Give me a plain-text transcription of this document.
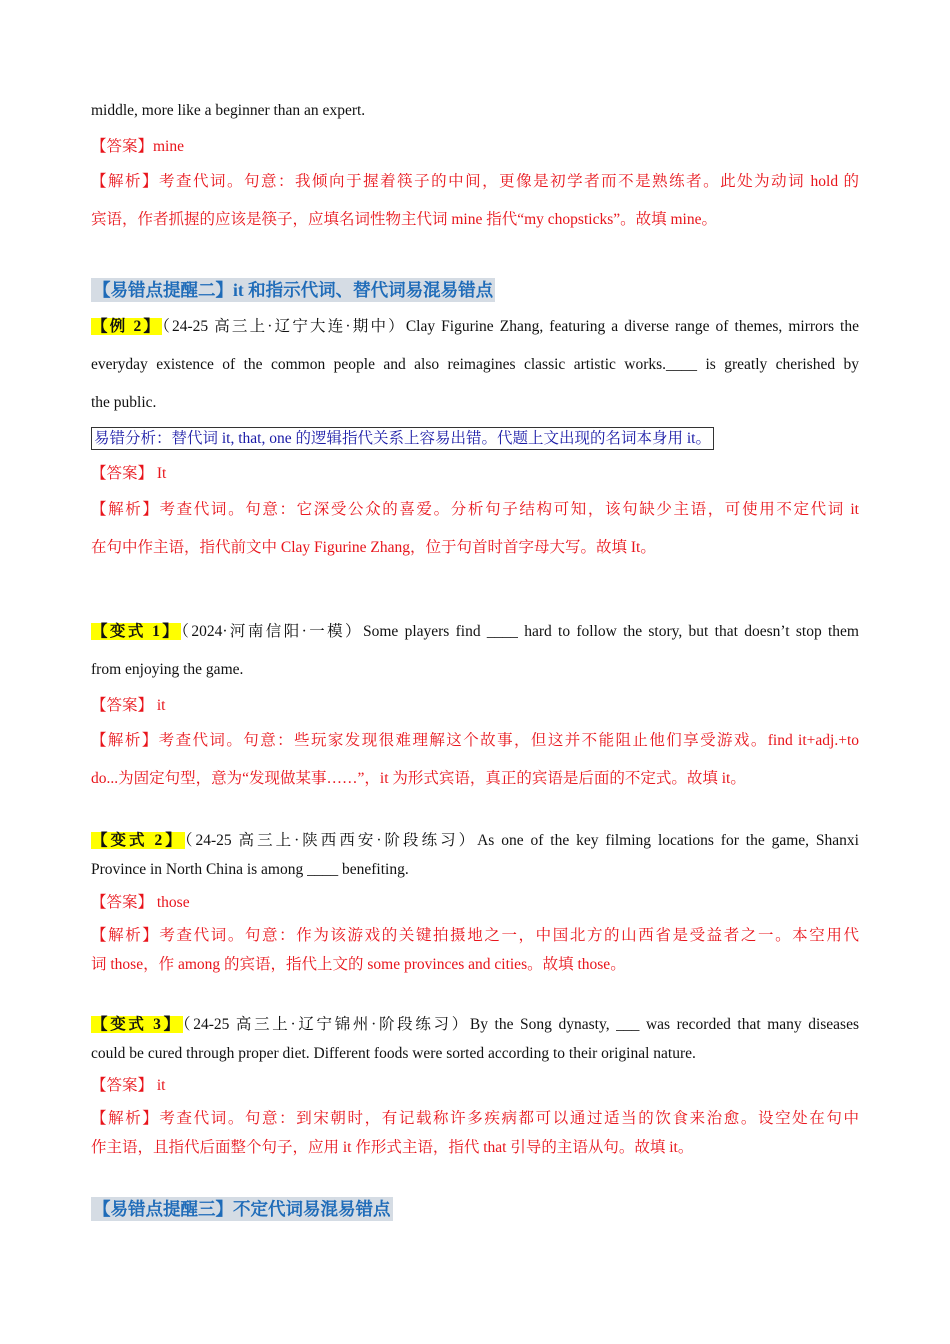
middle, more like a beginner than an expert.
【答案】mine
【解析】考查代词。句意：我倾向于握着筷子的中间，更像是初学者而不是熟练者。此处为动词 hold 的
宾语，作者抓握的应该是筷子，应填名词性物主代词 mine 指代“my chopsticks”。故填 mine。
【易错点提醒二】it 和指示代词、替代词易混易错点
【例 2】（24-25 高三上·辽宁大连·期中）Clay Figurine Zhang, featuring a diverse range of themes, mirrors the
everyday existence of the common people and also reimagines classic artistic works.____ is greatly cherished by
the public.
易错分析：替代词 it, that, one 的逻辑指代关系上容易出错。代题上文出现的名词本身用 it。
【答案】 It
【解析】考查代词。句意：它深受公众的喜爱。分析句子结构可知，该句缺少主语，可使用不定代词 it
在句中作主语，指代前文中 Clay Figurine Zhang，位于句首时首字母大写。故填 It。
【变式 1】（2024·河南信阳·一模）Some players find ____ hard to follow the story, but that doesn’t stop them
from enjoying the game.
【答案】 it
【解析】考查代词。句意：些玩家发现很难理解这个故事，但这并不能阻止他们享受游戏。find it+adj.+to
do...为固定句型，意为“发现做某事……”，it 为形式宾语，真正的宾语是后面的不定式。故填 it。
【变式 2】（24-25 高三上·陕西西安·阶段练习）As one of the key filming locations for the game, Shanxi
Province in North China is among ____ benefiting.
【答案】 those
【解析】考查代词。句意：作为该游戏的关键拍摄地之一，中国北方的山西省是受益者之一。本空用代
词 those，作 among 的宾语，指代上文的 some provinces and cities。故填 those。
【变式 3】（24-25 高三上·辽宁锦州·阶段练习）By the Song dynasty, ___ was recorded that many diseases
could be cured through proper diet. Different foods were sorted according to their original nature.
【答案】 it
【解析】考查代词。句意：到宋朝时，有记载称许多疾病都可以通过适当的饮食来治愈。设空处在句中
作主语，且指代后面整个句子，应用 it 作形式主语，指代 that 引导的主语从句。故填 it。
【易错点提醒三】不定代词易混易错点
